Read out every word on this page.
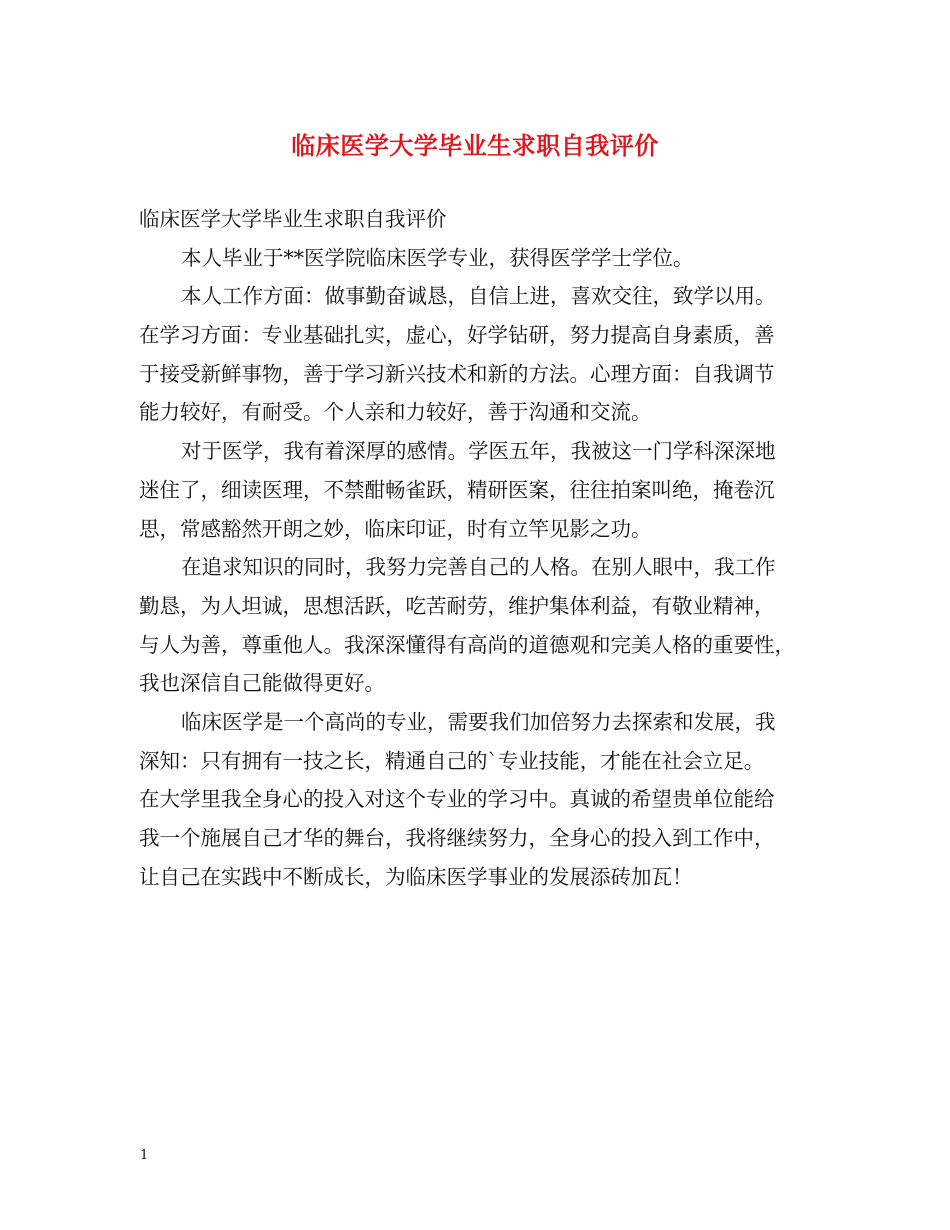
临床医学大学毕业生求职自我评价
临床医学大学毕业生求职自我评价
本人毕业于**医学院临床医学专业，获得医学学士学位。
本人工作方面：做事勤奋诚恳，自信上进，喜欢交往，致学以用。
在学习方面：专业基础扎实，虚心，好学钻研，努力提高自身素质，善
于接受新鲜事物，善于学习新兴技术和新的方法。心理方面：自我调节
能力较好，有耐受。个人亲和力较好，善于沟通和交流。
对于医学，我有着深厚的感情。学医五年，我被这一门学科深深地
迷住了，细读医理，不禁酣畅雀跃，精研医案，往往拍案叫绝，掩卷沉
思，常感豁然开朗之妙，临床印证，时有立竿见影之功。
在追求知识的同时，我努力完善自己的人格。在别人眼中，我工作
勤恳，为人坦诚，思想活跃，吃苦耐劳，维护集体利益，有敬业精神，
与人为善，尊重他人。我深深懂得有高尚的道德观和完美人格的重要性，
我也深信自己能做得更好。
临床医学是一个高尚的专业，需要我们加倍努力去探索和发展，我
深知：只有拥有一技之长，精通自己的`专业技能，才能在社会立足。
在大学里我全身心的投入对这个专业的学习中。真诚的希望贵单位能给
我一个施展自己才华的舞台，我将继续努力，全身心的投入到工作中，
让自己在实践中不断成长，为临床医学事业的发展添砖加瓦！
1
